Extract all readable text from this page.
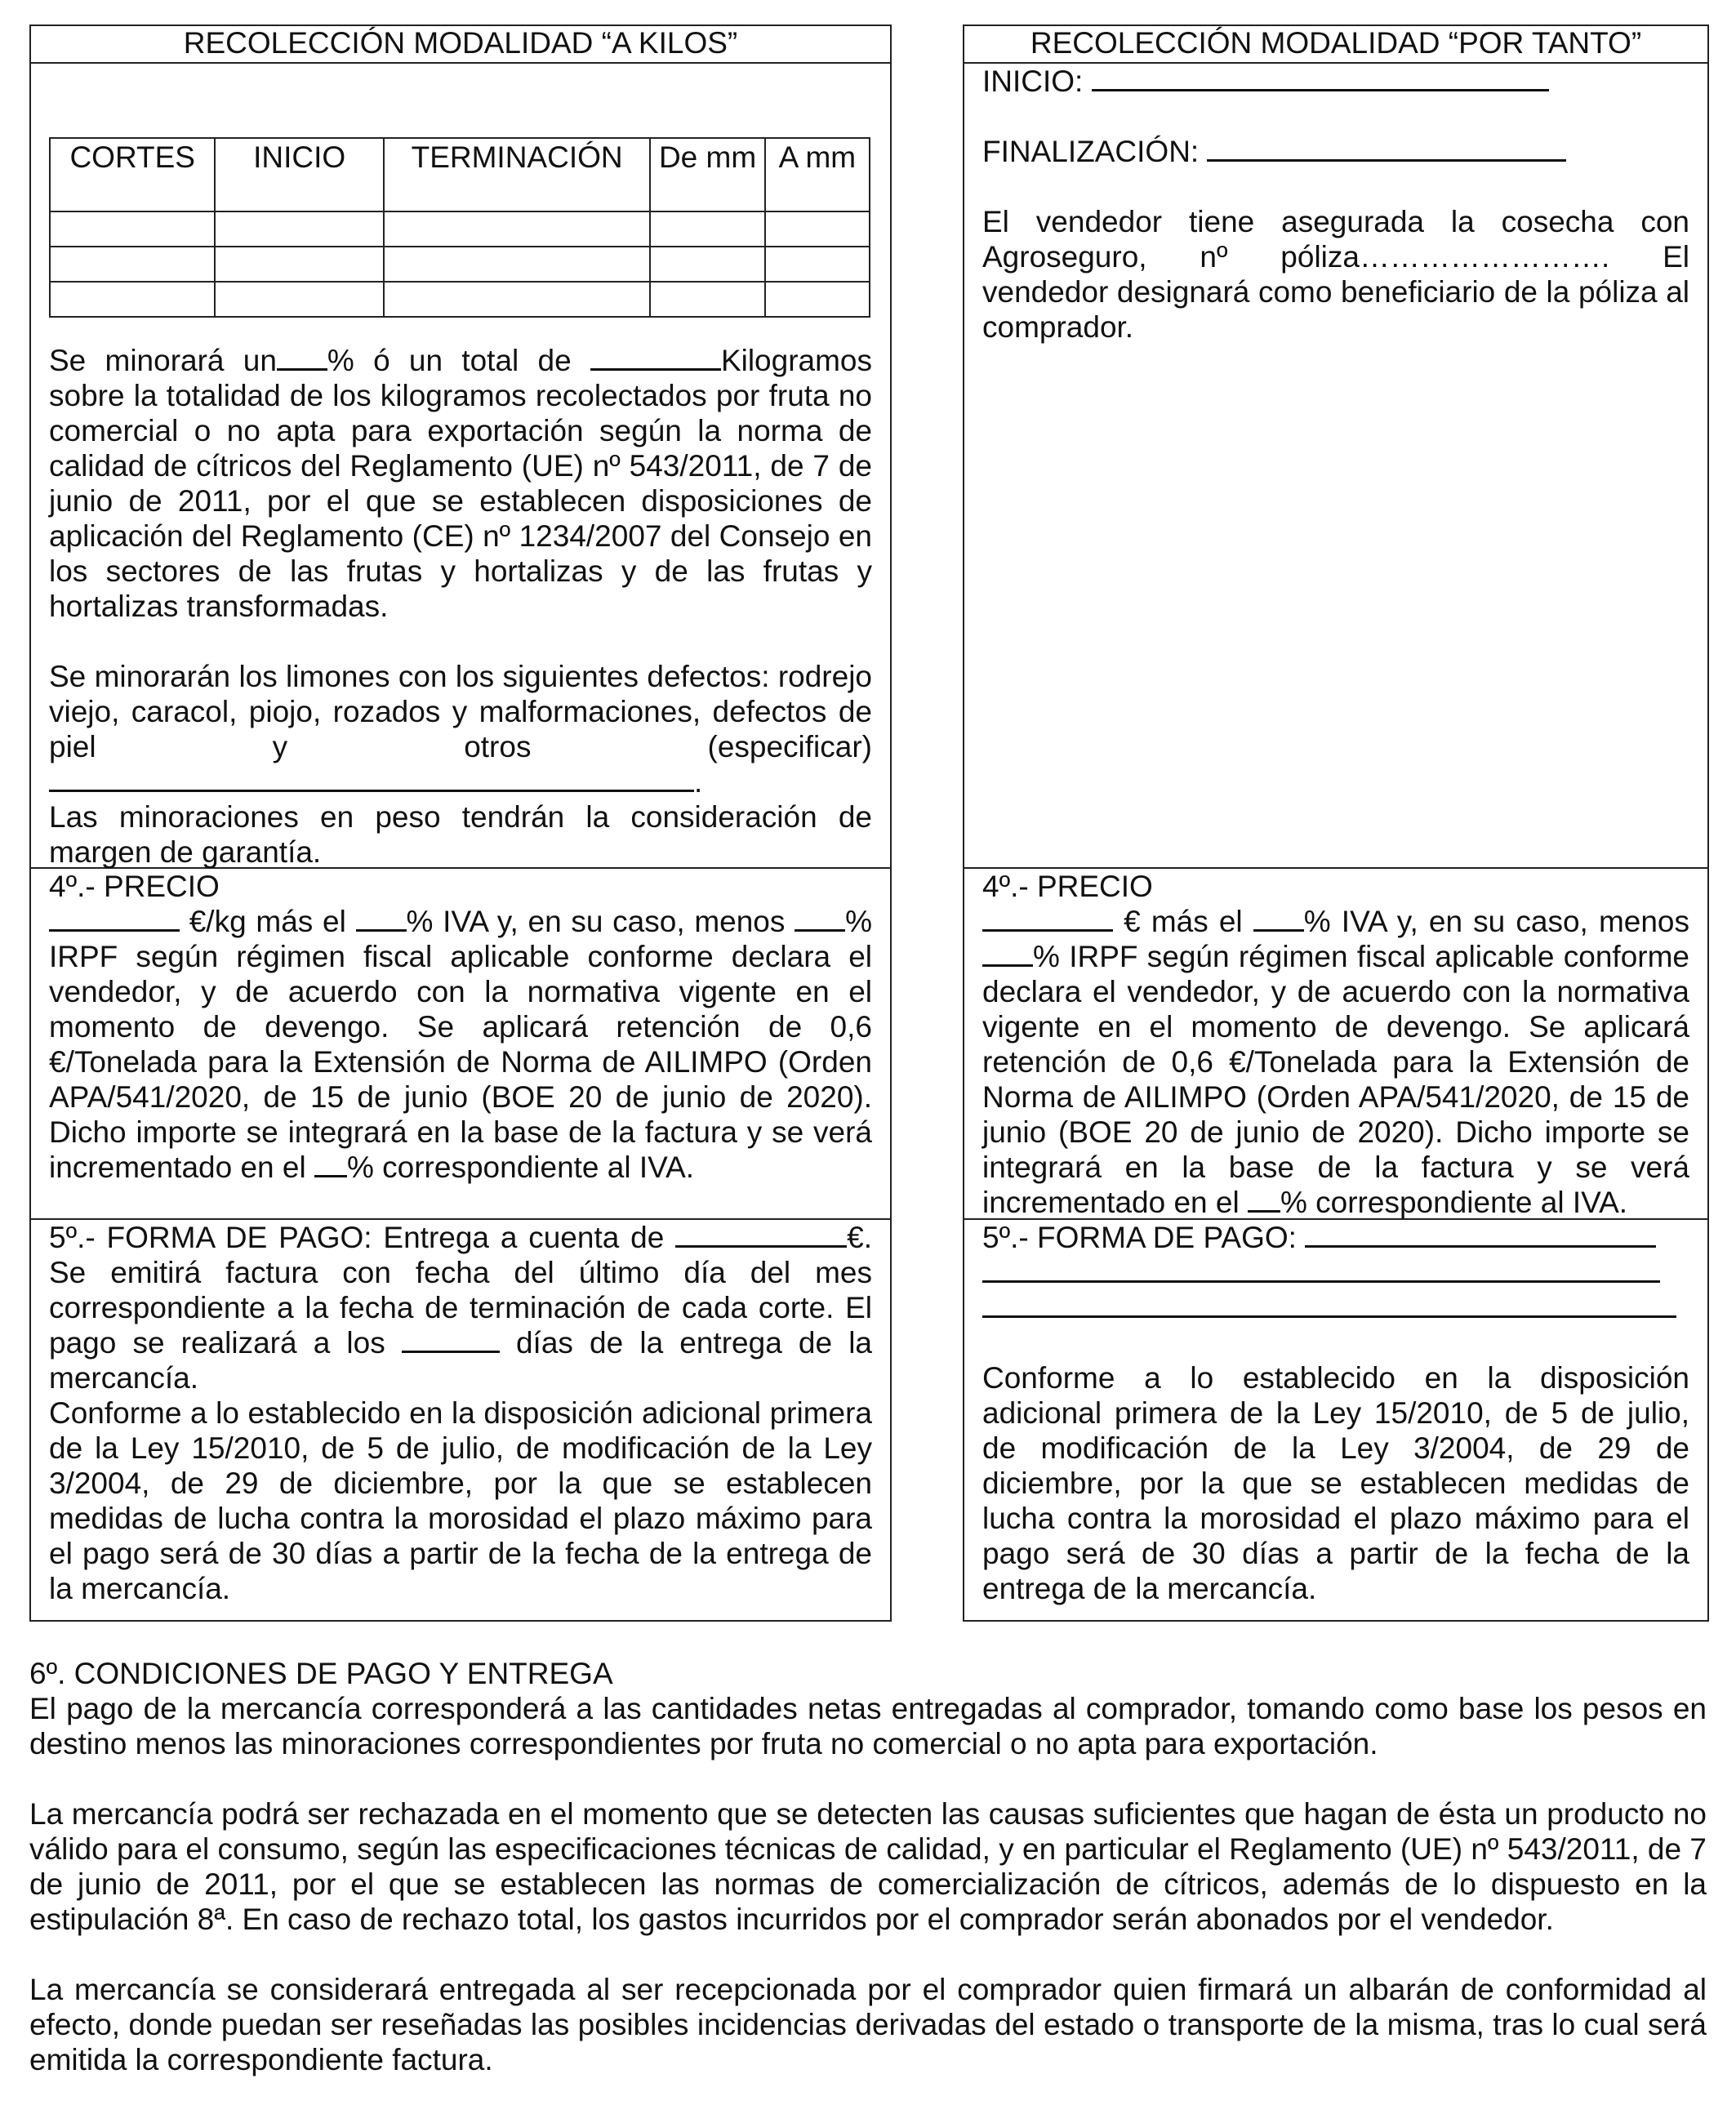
RECOLECCIÓN MODALIDAD “A KILOS”
CORTES	INICIO	TERMINACIÓN	De mm	A mm

Se minorará un % ó un total de	Kilogramos sobre la totalidad de los kilogramos recolectados por fruta no comercial o no apta para exportación según la norma de calidad de cítricos del Reglamento (UE) nº 543/2011, de 7 de junio de 2011, por el que se establecen disposiciones de aplicación del Reglamento (CE) nº 1234/2007 del Consejo en los sectores de las frutas y hortalizas y de las frutas y hortalizas transformadas.

Se minorarán los limones con los siguientes defectos: rodrejo viejo, caracol, piojo, rozados y malformaciones, defectos de piel y otros (especificar) .

Las minoraciones en peso tendrán la consideración de margen de garantía.

4º.- PRECIO

€/kg más el % IVA y, en su caso, menos % IRPF según régimen fiscal aplicable conforme declara el vendedor, y de acuerdo con la normativa vigente en el momento de devengo. Se aplicará retención de 0,6 €/Tonelada para la Extensión de Norma de AILIMPO (Orden APA/541/2020, de 15 de junio (BOE 20 de junio de 2020). Dicho importe se integrará en la base de la factura y se verá incrementado en el % correspondiente al IVA.

5º.- FORMA DE PAGO: Entrega a cuenta de	€. Se emitirá factura con fecha del último día del mes correspondiente a la fecha de terminación de cada corte. El pago se realizará a los	días de la entrega de la mercancía.

Conforme a lo establecido en la disposición adicional primera de la Ley 15/2010, de 5 de julio, de modificación de la Ley 3/2004, de 29 de diciembre, por la que se establecen medidas de lucha contra la morosidad el plazo máximo para el pago será de 30 días a partir de la fecha de la entrega de la mercancía.

RECOLECCIÓN MODALIDAD “POR TANTO”

INICIO:

FINALIZACIÓN:

El vendedor tiene asegurada la cosecha con Agroseguro, nº póliza……………………. El vendedor designará como beneficiario de la póliza al comprador.

4º.- PRECIO

€ más el % IVA y, en su caso, menos % IRPF según régimen fiscal aplicable conforme declara el vendedor, y de acuerdo con la normativa vigente en el momento de devengo. Se aplicará retención de 0,6 €/Tonelada para la Extensión de Norma de AILIMPO (Orden APA/541/2020, de 15 de junio (BOE 20 de junio de 2020). Dicho importe se integrará en la base de la factura y se verá incrementado en el % correspondiente al IVA.

5º.- FORMA DE PAGO:

Conforme a lo establecido en la disposición adicional primera de la Ley 15/2010, de 5 de julio, de modificación de la Ley 3/2004, de 29 de diciembre, por la que se establecen medidas de lucha contra la morosidad el plazo máximo para el pago será de 30 días a partir de la fecha de la entrega de la mercancía.

6º. CONDICIONES DE PAGO Y ENTREGA

El pago de la mercancía corresponderá a las cantidades netas entregadas al comprador, tomando como base los pesos en destino menos las minoraciones correspondientes por fruta no comercial o no apta para exportación.

La mercancía podrá ser rechazada en el momento que se detecten las causas suficientes que hagan de ésta un producto no válido para el consumo, según las especificaciones técnicas de calidad, y en particular el Reglamento (UE) nº 543/2011, de 7 de junio de 2011, por el que se establecen las normas de comercialización de cítricos, además de lo dispuesto en la estipulación 8ª. En caso de rechazo total, los gastos incurridos por el comprador serán abonados por el vendedor.

La mercancía se considerará entregada al ser recepcionada por el comprador quien firmará un albarán de conformidad al efecto, donde puedan ser reseñadas las posibles incidencias derivadas del estado o transporte de la misma, tras lo cual será emitida la correspondiente factura.
